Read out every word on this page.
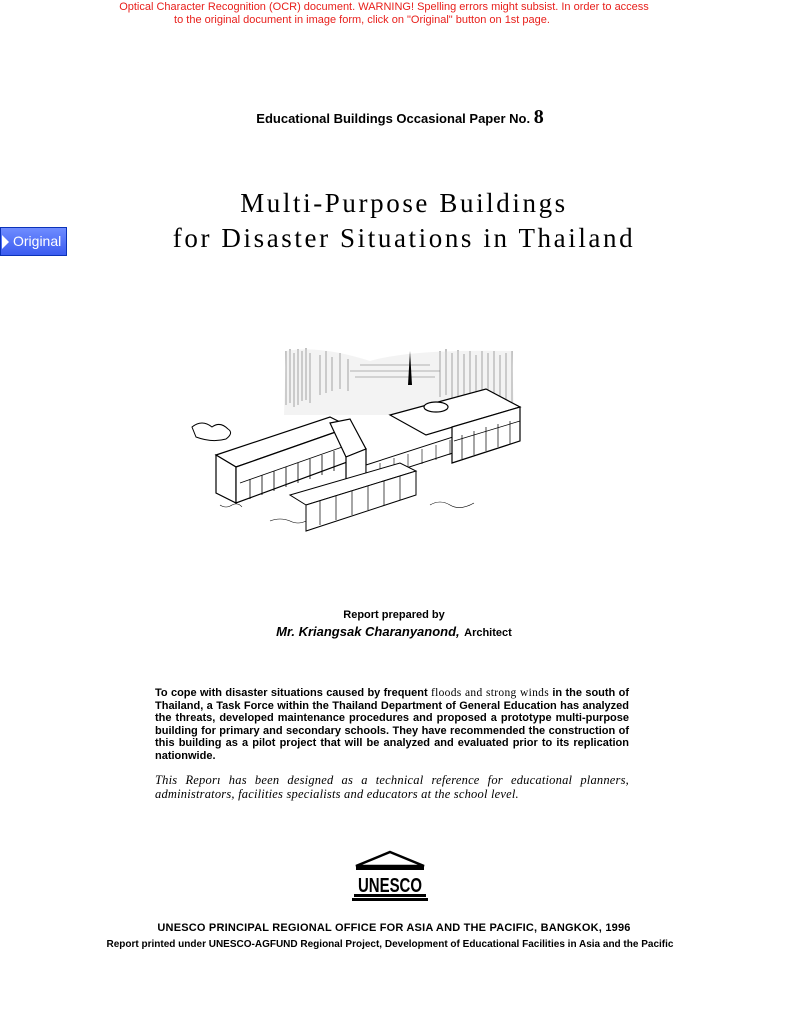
Optical Character Recognition (OCR) document. WARNING! Spelling errors might subsist. In order to access

to the original document in image form, click on "Original" button on 1st page.
Educational Buildings Occasional Paper No. 8
Multi-Purpose Buildings
for Disaster Situations in Thailand
Original
Report prepared by
Mr. Kriangsak Charanyanond, Architect

To cope with disaster situations caused by frequent floods and strong winds in the south of Thailand, a Task Force within the Thailand Department of General Education has analyzed the threats, developed maintenance procedures and proposed a prototype multi-purpose building for primary and secondary schools. They have recommended the construction of this building as a pilot project that will be analyzed and evaluated prior to its replication nationwide.

This Reporı has been designed as a technical reference for educational planners, administrators, facilities specialists and educators at the school level.

UNESCO
UNESCO PRINCIPAL REGIONAL OFFICE FOR ASIA AND THE PACIFIC, BANGKOK, 1996
Report printed under UNESCO-AGFUND Regional Project, Development of Educational Facilities in Asia and the Pacific
